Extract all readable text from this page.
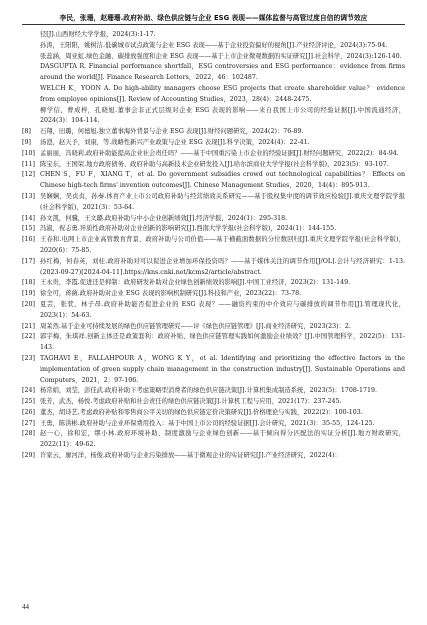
李民，张珊，赵珊珊.政府补助、绿色供应链与企业 ESG 表现——媒体监督与高管过度自信的调节效应
径[J].山西财经大学学报，2024(3):1-17.
孙涛，王阳阳，姚树洁.低碳城市试点政策与企业 ESG 表现——基于企业投资偏好的视角[J].产业经济评论，2024(3):75-94.
张蕊涵，周亚虹.绿色金融、碳排放强度和企业 ESG 表现——基于上市企业微观数据的实证研究[J].社会科学，2024(3):126-140.
DASGUPTA R. Financial performance shortfall，ESG controversies and ESG performance：evidence from firms around the world[J]. Finance Research Letters，2022，46：102487.
WELCH K，YOON A. Do high-ability managers choose ESG projects that create shareholder value？ evidence from employee opinions[J]. Review of Accounting Studies，2023，28(4)：2448-2475.
柳学信，曹成梓，孔晓旭.董事会非正式层级对企业 ESG 表现的影响——来自我国上市公司的经验证据[J].中国流通经济，2024(3)：104-114.
[8]	石翔，田璐，何德旭.独立董事海外背景与企业 ESG 表现[J].财经问题研究，2024(2)：76-89.
[9]	汤澄，赵天予，刘康，等.战略性新兴产业政策与企业 ESG 表现[J].科学决策，2024(4)：22-41.
[10] 孟丽丽，冯晓莉.政府补助能提高企业社会责任吗？——基于中国重污染上市企业的经验证据[J].财经问题研究，2022(2)：84-94.
[11] 陈宝东，王国荣.地方政府债务、政府补助与高新技术企业研发投入[J].哈尔滨商业大学学报(社会科学版)，2023(5)：93-107.
[12] CHEN S，FU F，XIANG T，et al. Do government subsidies crowd out technological capabilities？ Effects on Chinese high-tech firms' invention outcomes[J]. Chinese Management Studies，2020，14(4)：895-913.
[13] 吴娴娴，吴贞贞，孙秦.体育产业上市公司政府补助与经营绩效关系研究——基于股权集中度的调节效应检验[J].重庆文理学院学报(社会科学版)，2021(3)：53-64.
[14] 孙文凯，何骥，王文璐.政府补助与中小企业创新绩效[J].经济学报，2024(1)：295-318.
[15] 冯淑，祝志勇.异质性政府补助对企业创新的影响研究[J].西南大学学报(社会科学版)，2024(1)：144-155.
[16] 王春和.电网上市企业高管教育背景、政府补助与公司价值——基于横截面数据的分位数回归[J].重庆文理学院学报(社会科学版)，2020(6)：75-85.
[17] 孙红梅，何春英，刘桂.政府补助对可以促进企业增加环保投资吗？——基于媒体关注的调节作用[J/OL].会计与经济研究：1-13.(2023-09-27)[2024-04-11].https://kns.cnki.net/kcms2/article/abstract.
[18] 王永贵，李霞.促进还是抑制：政府研发补助对企业绿色创新绩效的影响[J].中国工业经济，2023(2)：131-149.
[19] 徐全可，蒋薇.政府补助对企业 ESG 表现的影响机制研究[J].科技和产业，2023(22)：73-78.
[20] 夏芸，张茕，林子昂.政府补助能否促进企业的 ESG 表现？——融资约束的中介效应与碳排放的调节作用[J].管理现代化，2023(1)：54-63.
[21] 周茉然.基于企业可持续发展的绿色供应链管理研究——评《绿色供应链管理》[J].商业经济研究，2023(23)：2.
[22] 郭宇梅，朱琪祥.创新主体还是政策套利：政府补贴、绿色供应链管理实践如何激励企业绩效？[J].中国管理科学，2022(5)：131-143.
[23] TAGHAVI E，FALLAHPOUR A，WONG K Y，et al. Identifying and prioritizing the effective factors in the implementation of green supply chain management in the construction industry[J]. Sustainable Operations and Computers，2021，2：97-106.
[24] 杨常娟，刘莹，彭佳武.政府补助下考虑策略型消费者的绿色供应链决策[J].计算机集成制造系统，2023(5)：1708-1719.
[25] 张芳，武杰，杨悦.考虑政府补贴和社会责任的绿色供应链决策[J].计算机工程与应用，2021(17)：237-245.
[26] 董杰，胡诗艺.考虑政府补贴和零售商公平关切的绿色供应链定价决策研究[J].价格理论与实践，2022(2)：100-103.
[27] 王勇，陈洪彬.政府补助与企业环保费用投入：基于中国上市公司的经验证据[J].会计研究，2021(3)：35-55，124-125.
[28] 赵一心，徐和宏，缪小林.政府环境补助、制度激励与企业绿色创新——基于倾向得分匹配法的实证分析[J].地方财政研究，2022(11)：49-62.
[29] 许家云，廖河洋，杨俊.政府补助与企业污染排放——基于微观企业的实证研究[J].产业经济研究，2022(4)：
44
